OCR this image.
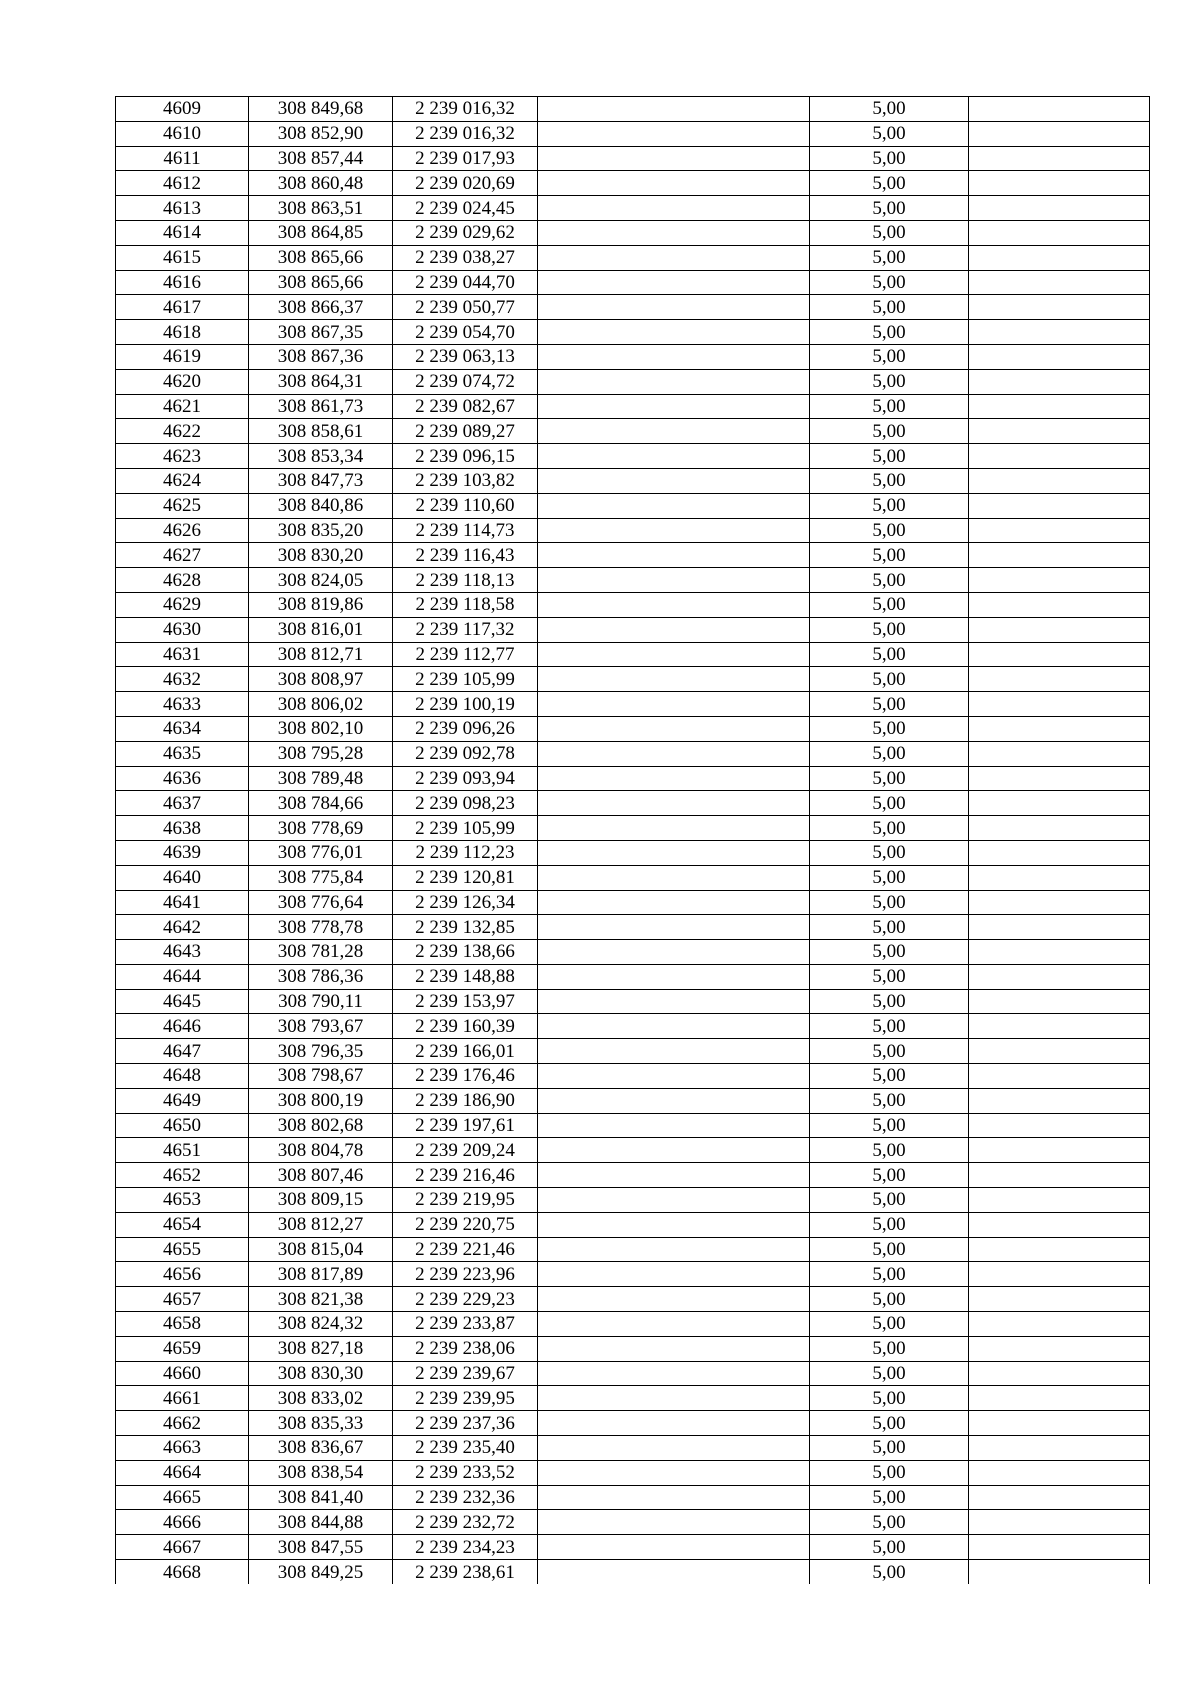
4609	308 849,68	2 239 016,32		5,00	
4610	308 852,90	2 239 016,32		5,00	
4611	308 857,44	2 239 017,93		5,00	
4612	308 860,48	2 239 020,69		5,00	
4613	308 863,51	2 239 024,45		5,00	
4614	308 864,85	2 239 029,62		5,00	
4615	308 865,66	2 239 038,27		5,00	
4616	308 865,66	2 239 044,70		5,00	
4617	308 866,37	2 239 050,77		5,00	
4618	308 867,35	2 239 054,70		5,00	
4619	308 867,36	2 239 063,13		5,00	
4620	308 864,31	2 239 074,72		5,00	
4621	308 861,73	2 239 082,67		5,00	
4622	308 858,61	2 239 089,27		5,00	
4623	308 853,34	2 239 096,15		5,00	
4624	308 847,73	2 239 103,82		5,00	
4625	308 840,86	2 239 110,60		5,00	
4626	308 835,20	2 239 114,73		5,00	
4627	308 830,20	2 239 116,43		5,00	
4628	308 824,05	2 239 118,13		5,00	
4629	308 819,86	2 239 118,58		5,00	
4630	308 816,01	2 239 117,32		5,00	
4631	308 812,71	2 239 112,77		5,00	
4632	308 808,97	2 239 105,99		5,00	
4633	308 806,02	2 239 100,19		5,00	
4634	308 802,10	2 239 096,26		5,00	
4635	308 795,28	2 239 092,78		5,00	
4636	308 789,48	2 239 093,94		5,00	
4637	308 784,66	2 239 098,23		5,00	
4638	308 778,69	2 239 105,99		5,00	
4639	308 776,01	2 239 112,23		5,00	
4640	308 775,84	2 239 120,81		5,00	
4641	308 776,64	2 239 126,34		5,00	
4642	308 778,78	2 239 132,85		5,00	
4643	308 781,28	2 239 138,66		5,00	
4644	308 786,36	2 239 148,88		5,00	
4645	308 790,11	2 239 153,97		5,00	
4646	308 793,67	2 239 160,39		5,00	
4647	308 796,35	2 239 166,01		5,00	
4648	308 798,67	2 239 176,46		5,00	
4649	308 800,19	2 239 186,90		5,00	
4650	308 802,68	2 239 197,61		5,00	
4651	308 804,78	2 239 209,24		5,00	
4652	308 807,46	2 239 216,46		5,00	
4653	308 809,15	2 239 219,95		5,00	
4654	308 812,27	2 239 220,75		5,00	
4655	308 815,04	2 239 221,46		5,00	
4656	308 817,89	2 239 223,96		5,00	
4657	308 821,38	2 239 229,23		5,00	
4658	308 824,32	2 239 233,87		5,00	
4659	308 827,18	2 239 238,06		5,00	
4660	308 830,30	2 239 239,67		5,00	
4661	308 833,02	2 239 239,95		5,00	
4662	308 835,33	2 239 237,36		5,00	
4663	308 836,67	2 239 235,40		5,00	
4664	308 838,54	2 239 233,52		5,00	
4665	308 841,40	2 239 232,36		5,00	
4666	308 844,88	2 239 232,72		5,00	
4667	308 847,55	2 239 234,23		5,00	
4668	308 849,25	2 239 238,61		5,00	
